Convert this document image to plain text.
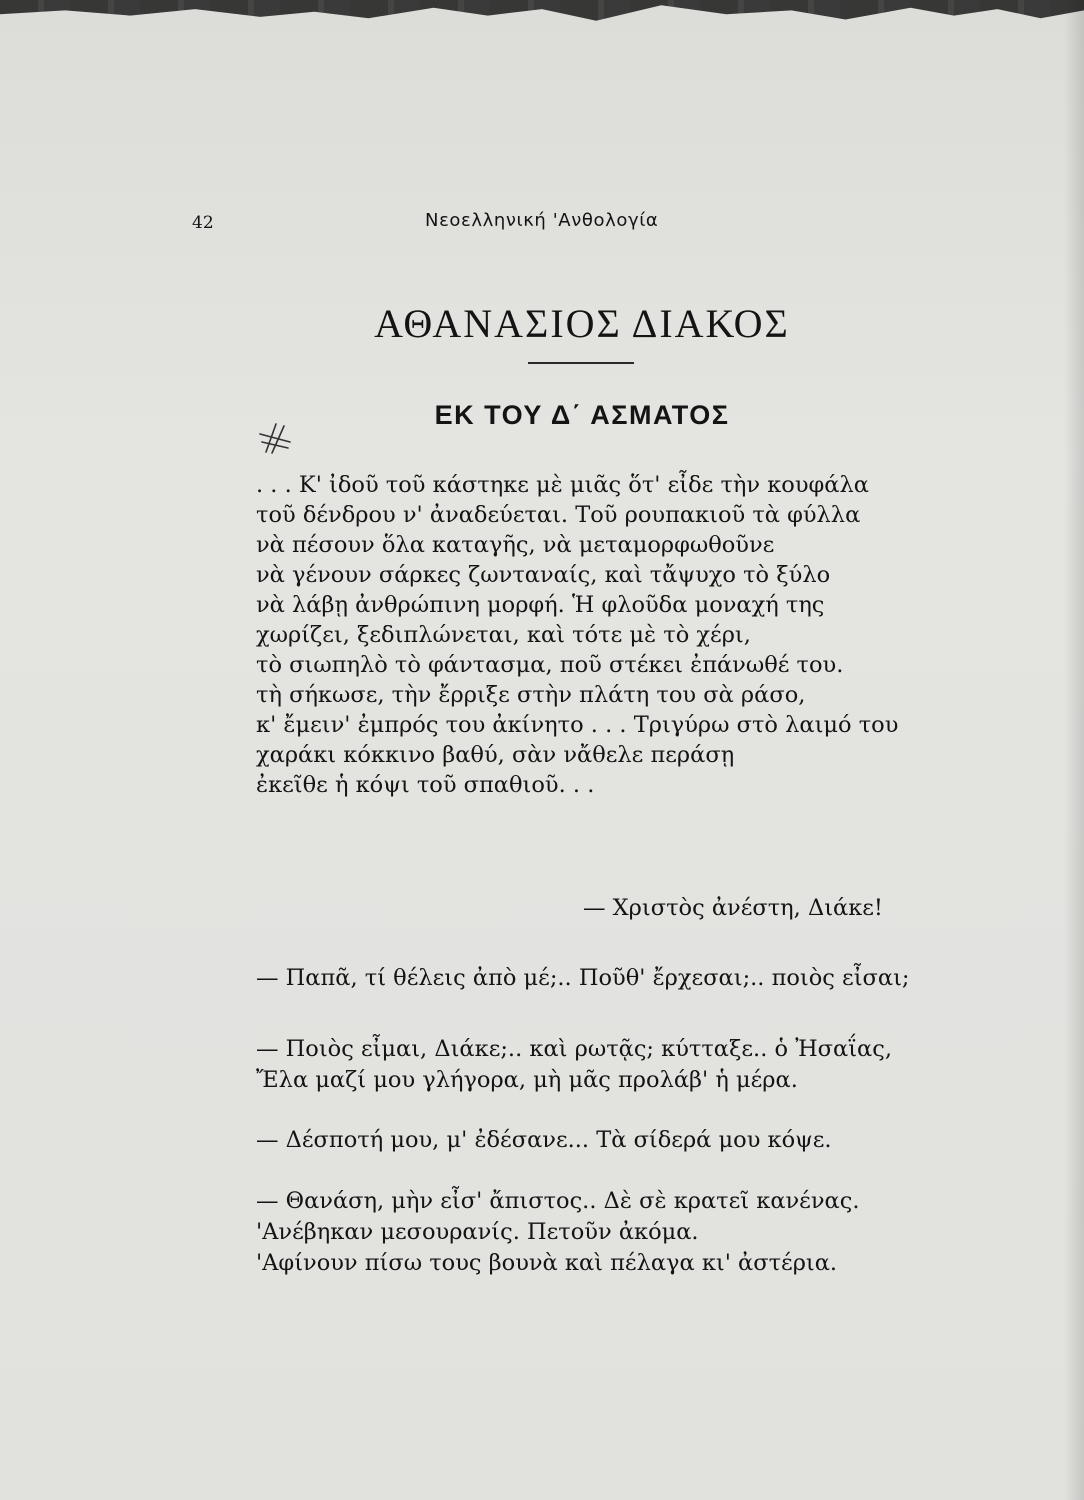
42	Νεοελληνική 'Ανθολογία
ΑΘΑΝΑΣΙΟΣ ΔΙΑΚΟΣ
ΕΚ ΤΟΥ Δ΄ ΑΣΜΑΤΟΣ
. . . Κ' ἰδοῦ τοῦ κάστηκε μὲ μιᾶς ὅτ' εἶδε τὴν κουφάλα
τοῦ δένδρου ν' ἀναδεύεται. Τοῦ ρουπακιοῦ τὰ φύλλα
νὰ πέσουν ὅλα καταγῆς, νὰ μεταμορφωθοῦνε
νὰ γένουν σάρκες ζωνταναίς, καὶ τἄψυχο τὸ ξύλο
νὰ λάβῃ ἀνθρώπινη μορφή. Ἡ φλοῦδα μοναχή της
χωρίζει, ξεδιπλώνεται, καὶ τότε μὲ τὸ χέρι,
τὸ σιωπηλὸ τὸ φάντασμα, ποῦ στέκει ἐπάνωθέ του.
τὴ σήκωσε, τὴν ἔρριξε στὴν πλάτη του σὰ ράσο,
κ' ἔμειν' ἐμπρός του ἀκίνητο . . . Τριγύρω στὸ λαιμό του
χαράκι κόκκινο βαθύ, σὰν νἄθελε περάσῃ
ἐκεῖθε ἡ κόψι τοῦ σπαθιοῦ. . .
— Χριστὸς ἀνέστη, Διάκε!
— Παπᾶ, τί θέλεις ἀπὸ μέ;.. Ποῦθ' ἔρχεσαι;.. ποιὸς εἶσαι;
— Ποιὸς εἶμαι, Διάκε;.. καὶ ρωτᾷς; κύτταξε.. ὁ Ἠσαΐας,
Ἔλα μαζί μου γλήγορα, μὴ μᾶς προλάβ' ἡ μέρα.
— Δέσποτή μου, μ' ἐδέσανε... Τὰ σίδερά μου κόψε.
— Θανάση, μὴν εἶσ' ἄπιστος.. Δὲ σὲ κρατεῖ κανένας.
'Ανέβηκαν μεσουρανίς. Πετοῦν ἀκόμα.
'Αφίνουν πίσω τους βουνὰ καὶ πέλαγα κι' ἀστέρια.
